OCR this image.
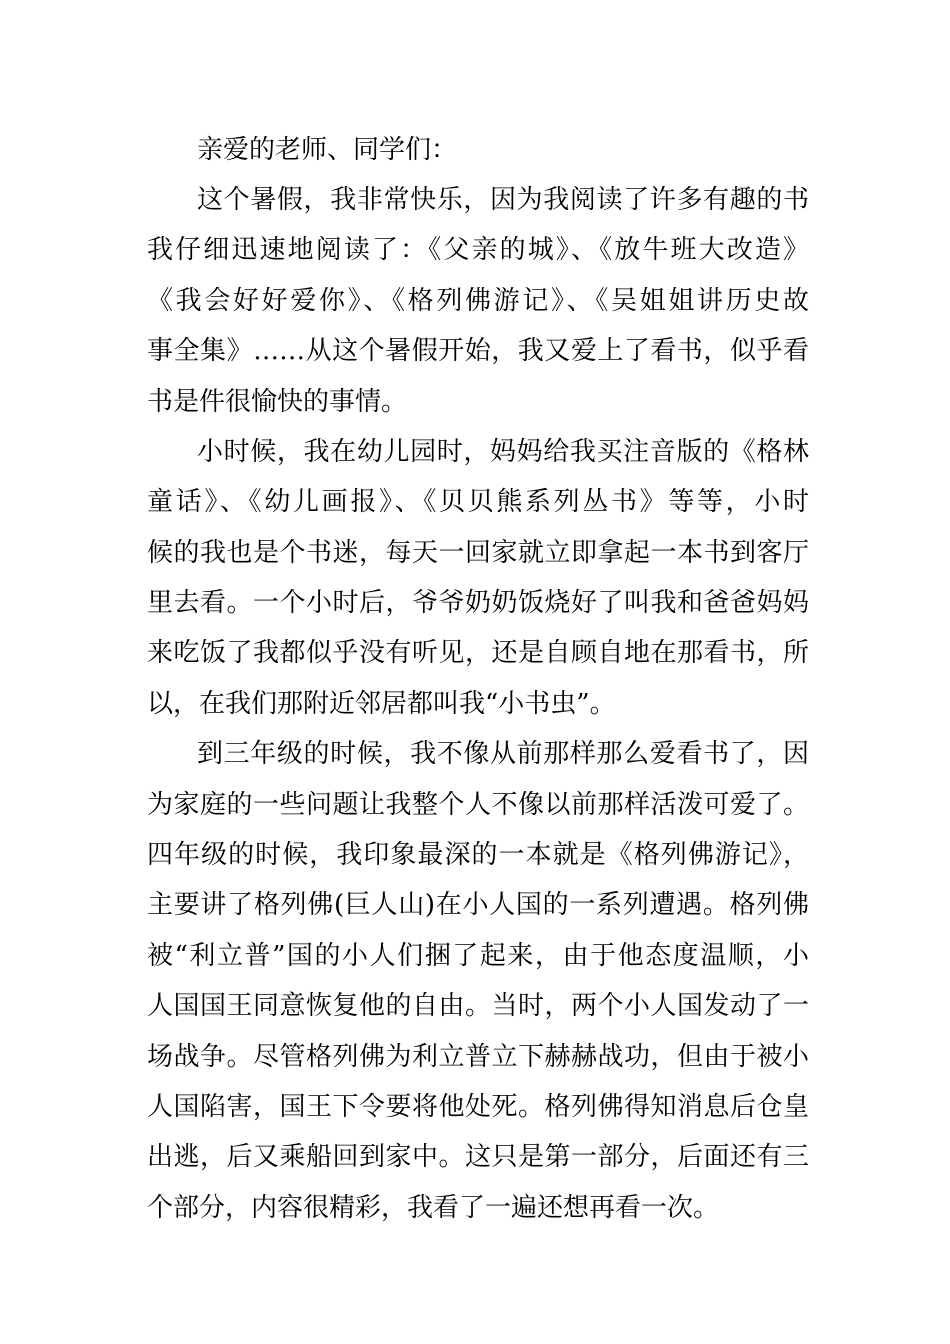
亲爱的老师、同学们：

这个暑假，我非常快乐，因为我阅读了许多有趣的书

我仔细迅速地阅读了：《父亲的城》、《放牛班大改造》

《我会好好爱你》、《格列佛游记》、《吴姐姐讲历史故

事全集》……从这个暑假开始，我又爱上了看书，似乎看

书是件很愉快的事情。

小时候，我在幼儿园时，妈妈给我买注音版的《格林

童话》、《幼儿画报》、《贝贝熊系列丛书》等等，小时

候的我也是个书迷，每天一回家就立即拿起一本书到客厅

里去看。一个小时后，爷爷奶奶饭烧好了叫我和爸爸妈妈

来吃饭了我都似乎没有听见，还是自顾自地在那看书，所

以，在我们那附近邻居都叫我“小书虫”。

到三年级的时候，我不像从前那样那么爱看书了，因

为家庭的一些问题让我整个人不像以前那样活泼可爱了。

四年级的时候，我印象最深的一本就是《格列佛游记》，

主要讲了格列佛(巨人山)在小人国的一系列遭遇。格列佛

被“利立普”国的小人们捆了起来，由于他态度温顺，小

人国国王同意恢复他的自由。当时，两个小人国发动了一

场战争。尽管格列佛为利立普立下赫赫战功，但由于被小

人国陷害，国王下令要将他处死。格列佛得知消息后仓皇

出逃，后又乘船回到家中。这只是第一部分，后面还有三

个部分，内容很精彩，我看了一遍还想再看一次。
